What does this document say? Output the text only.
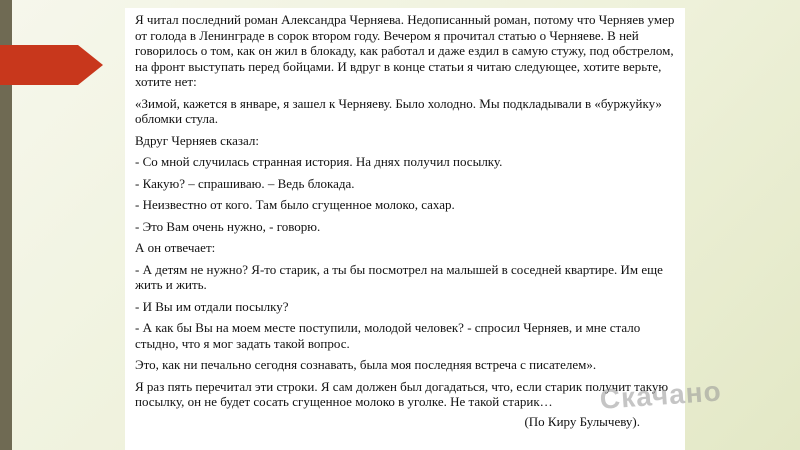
Я читал последний роман Александра Черняева. Недописанный роман, потому что Черняев умер от голода в Ленинграде в сорок втором году. Вечером я прочитал статью о Черняеве. В ней говорилось о том, как он жил в блокаду, как работал и даже ездил в самую стужу, под обстрелом, на фронт выступать перед бойцами. И вдруг в конце статьи я читаю следующее, хотите верьте, хотите нет:

«Зимой, кажется в январе, я зашел к Черняеву. Было холодно. Мы подкладывали в «буржуйку» обломки стула.

Вдруг Черняев сказал:

- Со мной случилась странная история. На днях получил посылку.

- Какую? – спрашиваю. – Ведь блокада.

- Неизвестно от кого. Там было сгущенное молоко, сахар.

- Это Вам очень нужно, - говорю.

А он отвечает:

- А детям не нужно? Я-то старик, а ты бы посмотрел на малышей в соседней квартире. Им еще жить и жить.

- И Вы им отдали посылку?

- А как бы Вы на моем месте поступили, молодой человек? - спросил Черняев, и мне стало стыдно, что я мог задать такой вопрос.

Это, как ни печально сегодня сознавать, была моя последняя встреча с писателем».

Я раз пять перечитал эти строки. Я сам должен был догадаться, что, если старик получит такую посылку, он не будет сосать сгущенное молоко в уголке. Не такой старик…

(По Киру Булычеву).

Скачано
